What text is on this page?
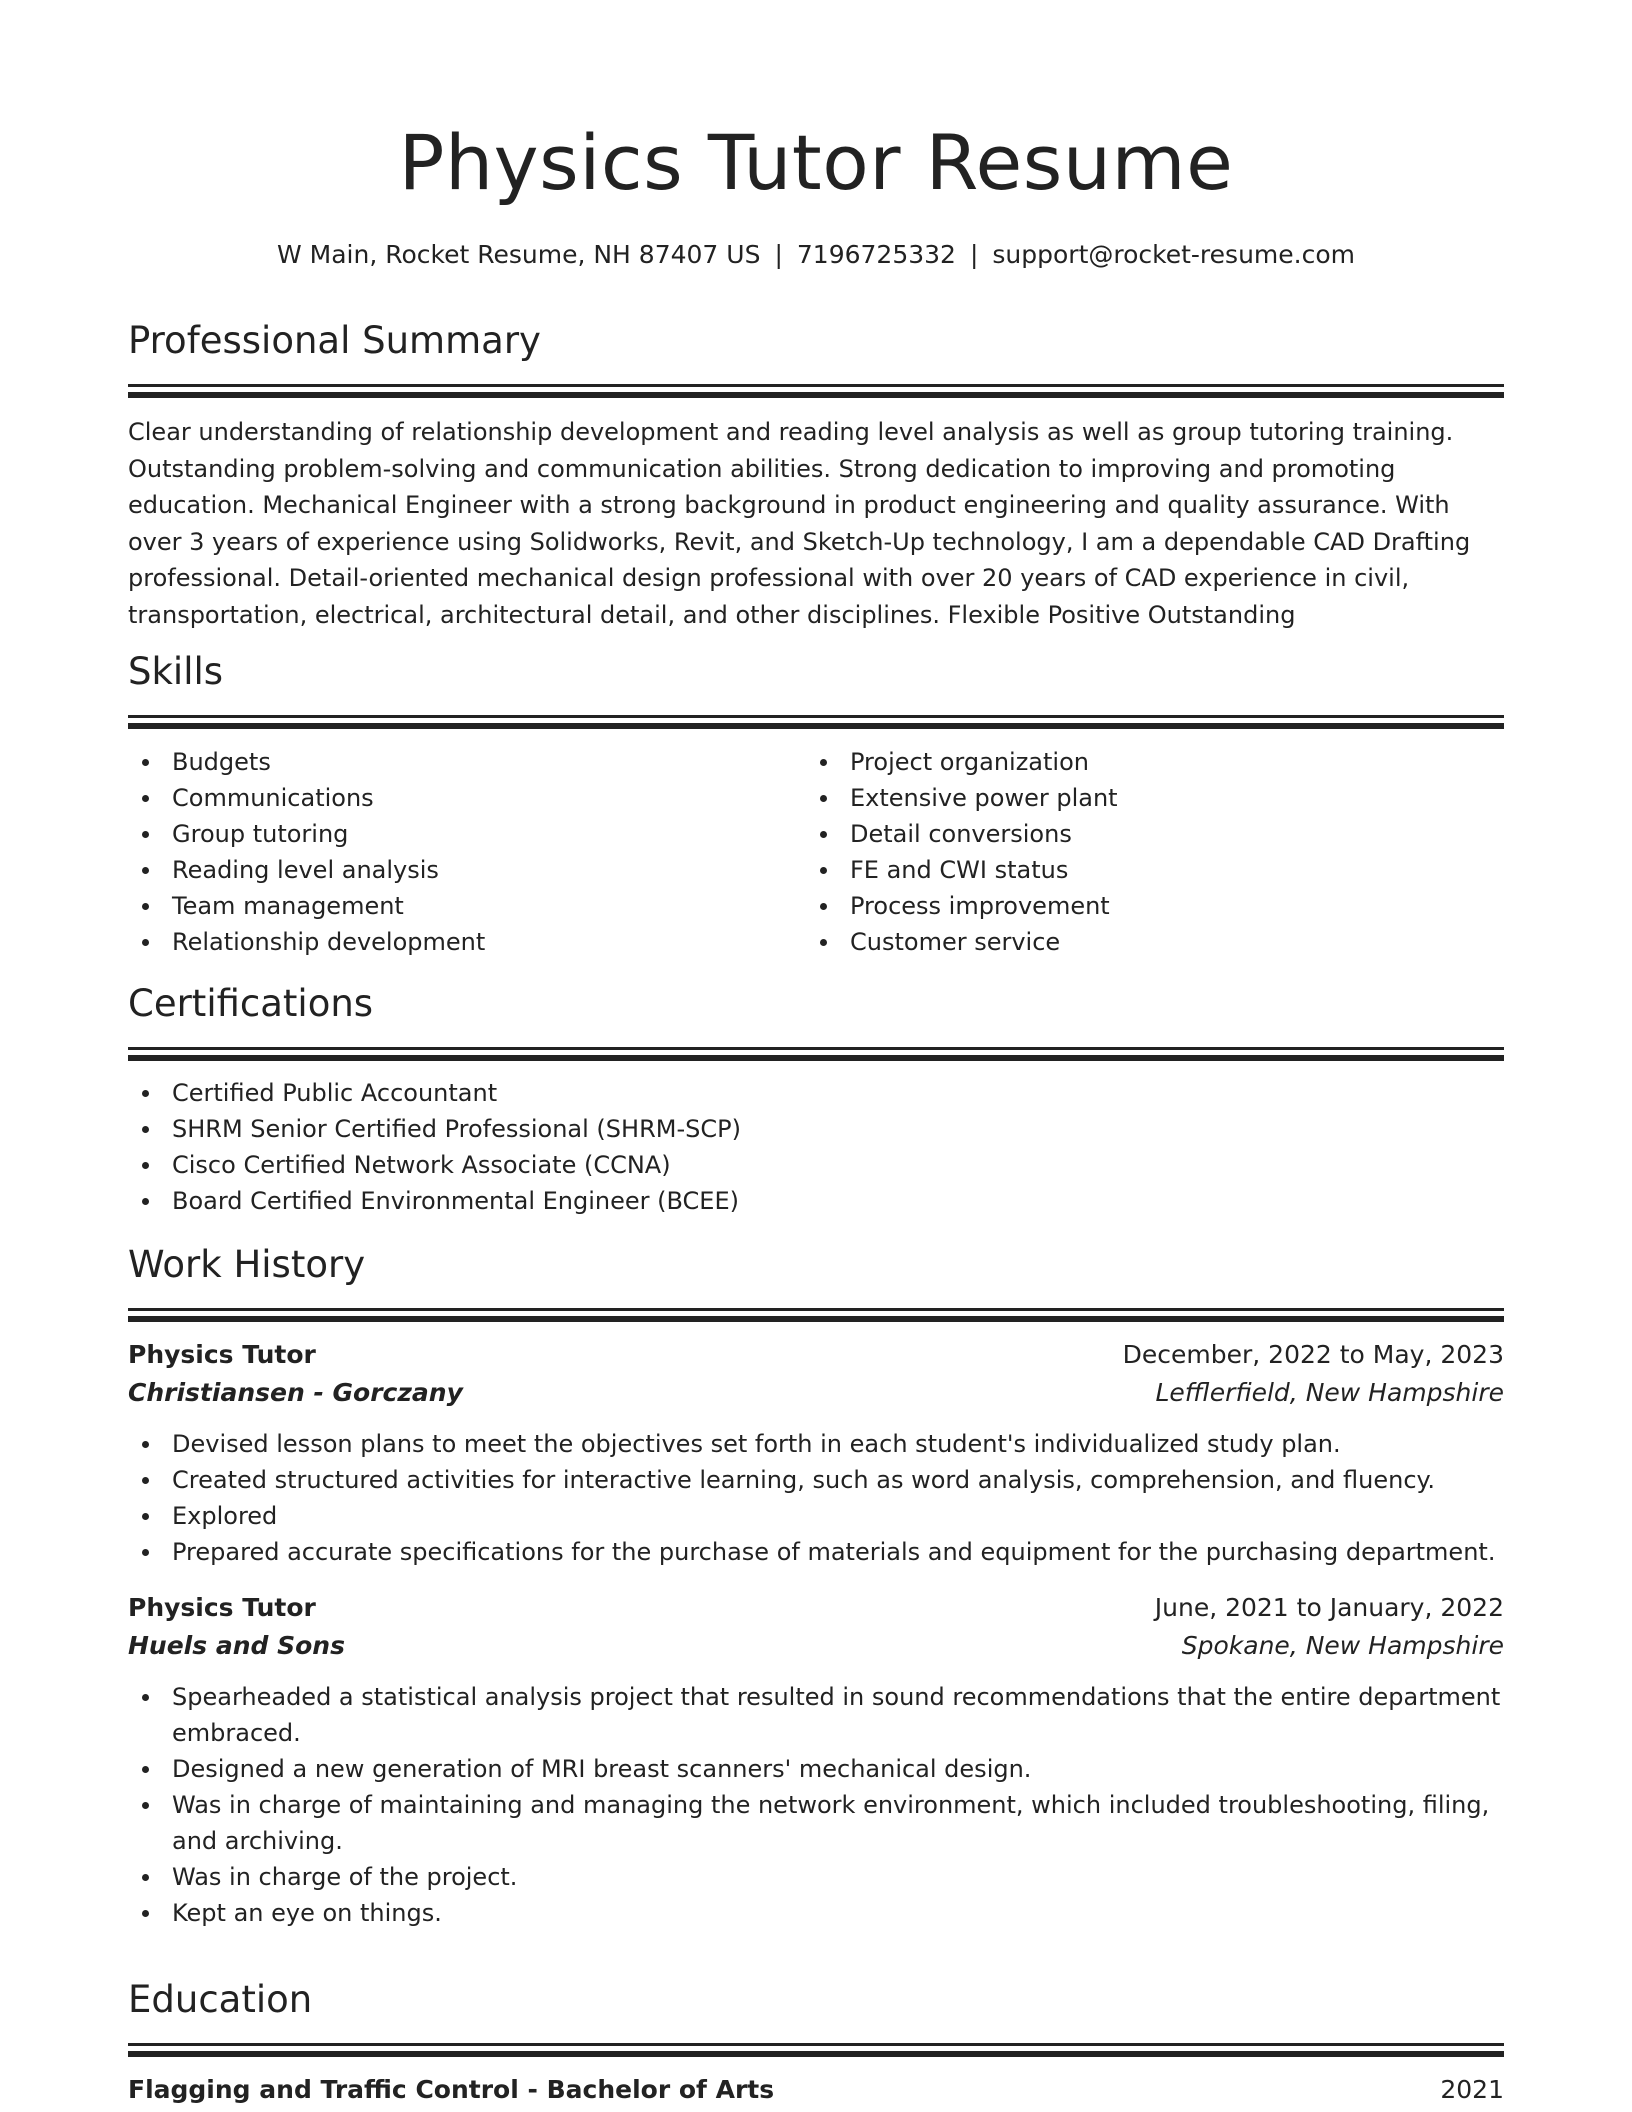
Physics Tutor Resume
W Main, Rocket Resume, NH 87407 US | 7196725332 | support@rocket-resume.com
Professional Summary
Clear understanding of relationship development and reading level analysis as well as group tutoring training. Outstanding problem-solving and communication abilities. Strong dedication to improving and promoting education. Mechanical Engineer with a strong background in product engineering and quality assurance. With over 3 years of experience using Solidworks, Revit, and Sketch-Up technology, I am a dependable CAD Drafting professional. Detail-oriented mechanical design professional with over 20 years of CAD experience in civil, transportation, electrical, architectural detail, and other disciplines. Flexible Positive Outstanding
Skills
Budgets
Communications
Group tutoring
Reading level analysis
Team management
Relationship development
Project organization
Extensive power plant
Detail conversions
FE and CWI status
Process improvement
Customer service
Certifications
Certified Public Accountant
SHRM Senior Certified Professional (SHRM-SCP)
Cisco Certified Network Associate (CCNA)
Board Certified Environmental Engineer (BCEE)
Work History
Physics Tutor	December, 2022 to May, 2023
Christiansen - Gorczany	Lefflerfield, New Hampshire
Devised lesson plans to meet the objectives set forth in each student's individualized study plan.
Created structured activities for interactive learning, such as word analysis, comprehension, and fluency.
Explored
Prepared accurate specifications for the purchase of materials and equipment for the purchasing department.
Physics Tutor	June, 2021 to January, 2022
Huels and Sons	Spokane, New Hampshire
Spearheaded a statistical analysis project that resulted in sound recommendations that the entire department embraced.
Designed a new generation of MRI breast scanners' mechanical design.
Was in charge of maintaining and managing the network environment, which included troubleshooting, filing, and archiving.
Was in charge of the project.
Kept an eye on things.
Education
Flagging and Traffic Control - Bachelor of Arts	2021
